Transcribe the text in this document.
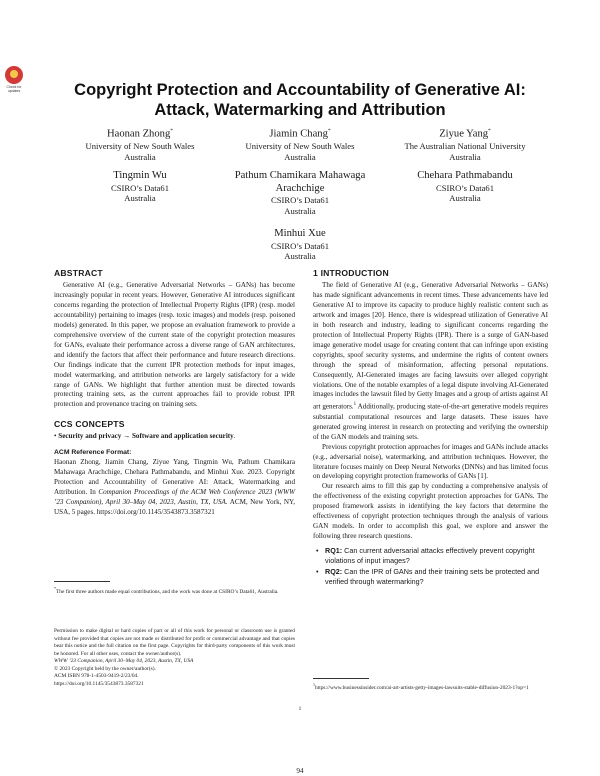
Check for
updates	Copyright Protection and Accountability of Generative AI:
Attack, Watermarking and Attribution
Haonan Zhong*
University of New South Wales
Australia
Jiamin Chang*
University of New South Wales
Australia
Ziyue Yang*
The Australian National University
Australia
Tingmin Wu
CSIRO’s Data61
Australia
Pathum Chamikara Mahawaga
Arachchige
CSIRO’s Data61
Australia
Chehara Pathmabandu
CSIRO’s Data61
Australia
Minhui Xue
CSIRO’s Data61
Australia
ABSTRACT

Generative AI (e.g., Generative Adversarial Networks – GANs) has become increasingly popular in recent years. However, Generative AI introduces significant concerns regarding the protection of Intellectual Property Rights (IPR) (resp. model accountability) pertaining to images (resp. toxic images) and models (resp. poisoned models) generated. In this paper, we propose an evaluation framework to provide a comprehensive overview of the current state of the copyright protection measures for GANs, evaluate their performance across a diverse range of GAN architectures, and identify the factors that affect their performance and future research directions. Our findings indicate that the current IPR protection methods for input images, model watermarking, and attribution networks are largely satisfactory for a wide range of GANs. We highlight that further attention must be directed towards protecting training sets, as the current approaches fail to provide robust IPR protection and provenance tracing on training sets.

CCS CONCEPTS

• Security and privacy → Software and application security.

ACM Reference Format:

Haonan Zhong, Jiamin Chang, Ziyue Yang, Tingmin Wu, Pathum Chamikara Mahawaga Arachchige, Chehara Pathmabandu, and Minhui Xue. 2023. Copyright Protection and Accountability of Generative AI: Attack, Watermarking and Attribution. In Companion Proceedings of the ACM Web Conference 2023 (WWW ’23 Companion), April 30–May 04, 2023, Austin, TX, USA. ACM, New York, NY, USA, 5 pages. https://doi.org/10.1145/3543873.3587321

*The first three authors made equal contributions, and the work was done at CSIRO’s Data61, Australia.
Permission to make digital or hard copies of part or all of this work for personal or classroom use is granted without fee provided that copies are not made or distributed for profit or commercial advantage and that copies bear this notice and the full citation on the first page. Copyrights for third-party components of this work must be honored. For all other uses, contact the owner/author(s).
WWW ’23 Companion, April 30–May 04, 2023, Austin, TX, USA
© 2023 Copyright held by the owner/author(s).
ACM ISBN 978-1-4503-9419-2/23/04.
https://doi.org/10.1145/3543873.3587321
1 INTRODUCTION

The field of Generative AI (e.g., Generative Adversarial Networks – GANs) has made significant advancements in recent times. These advancements have led Generative AI to improve its capacity to produce highly realistic content such as artwork and images [20]. Hence, there is widespread utilization of Generative AI in both research and industry, leading to significant concerns regarding the protection of Intellectual Property Rights (IPR). There is a surge of GAN-based image generative model usage for creating content that can infringe upon existing copyrights, spoof security systems, and undermine the rights of content owners through the spread of misinformation, affecting personal reputations. Consequently, AI-Generated images are facing lawsuits over alleged copyright violations. One of the notable examples of a legal dispute involving AI-Generated images includes the lawsuit filed by Getty Images and a group of artists against AI art generators.$^1$ Additionally, producing state-of-the-art generative models requires substantial computational resources and large datasets. These issues have generated growing interest in research on protecting and verifying the ownership of the GAN models and training sets.

Previous copyright protection approaches for images and GANs include attacks (e.g., adversarial noise), watermarking, and attribution techniques. However, the literature focuses mainly on Deep Neural Networks (DNNs) and has limited focus on developing copyright protection frameworks of GANs [1].

Our research aims to fill this gap by conducting a comprehensive analysis of the effectiveness of the existing copyright protection approaches for GANs. The proposed framework assists in identifying the key factors that determine the effectiveness of copyright protection techniques through the analysis of various GAN models. In order to accomplish this goal, we explore and answer the following three research questions.

• RQ1: Can current adversarial attacks effectively prevent copyright violations of input images?
• RQ2: Can the IPR of GANs and their training sets be protected and verified through watermarking?
$^1$https://www.businessinsider.com/ai-art-artists-getty-images-lawsuits-stable-diffusion-2023-1?op=1
1
94
